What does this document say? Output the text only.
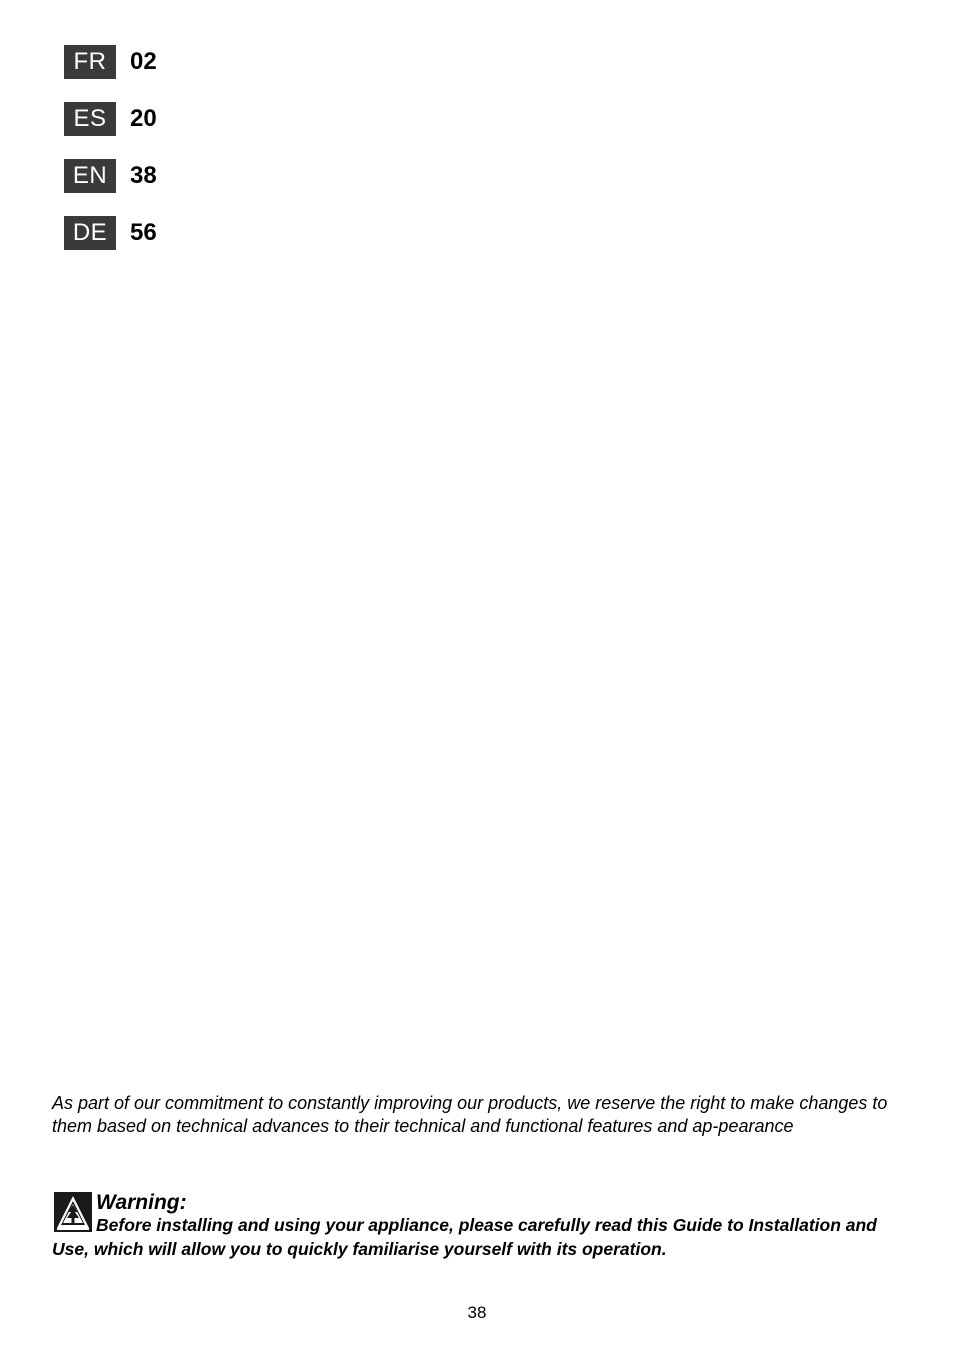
FR 02
ES 20
EN 38
DE 56

As part of our commitment to constantly improving our products, we reserve the right to make changes to them based on technical advances to their technical and functional features and ap-pearance

Warning:

Before installing and using your appliance, please carefully read this Guide to Installation and Use, which will allow you to quickly familiarise yourself with its operation.

38
